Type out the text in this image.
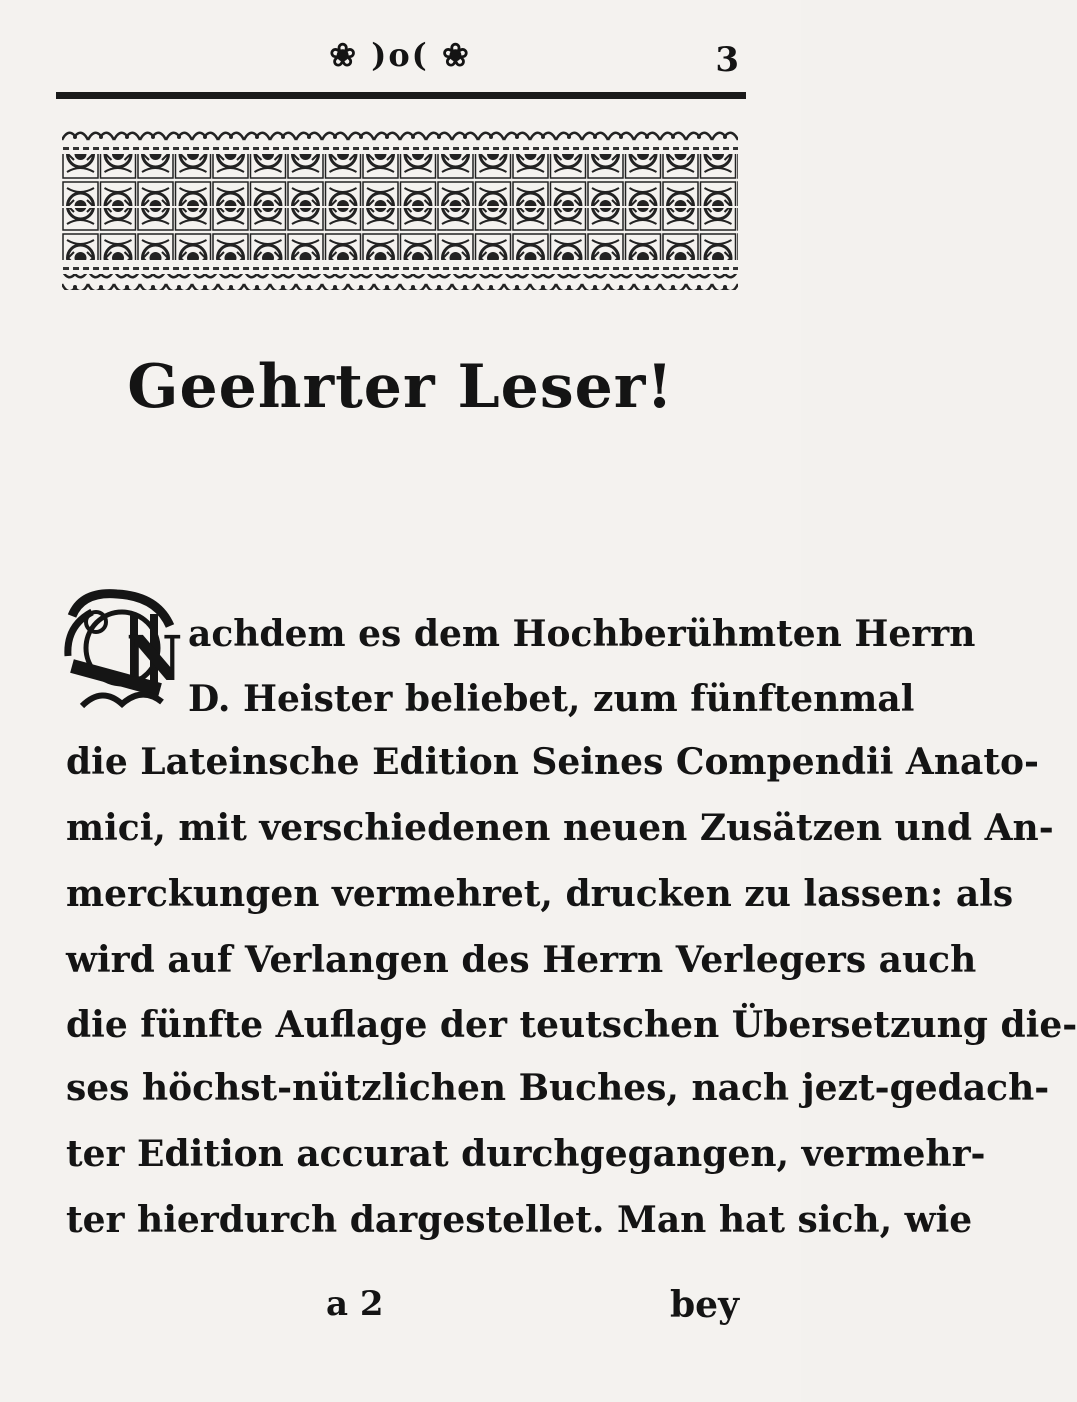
❀ )o( ❀	3
Geehrter Leser!
N achdem es dem Hochberühmten Herrn
D. Heister beliebet, zum fünftenmal
die Lateinsche Edition Seines Compendii Anato-
mici, mit verschiedenen neuen Zusätzen und An-
merckungen vermehret, drucken zu lassen: als
wird auf Verlangen des Herrn Verlegers auch
die fünfte Auflage der teutschen Übersetzung die-
ses höchst-nützlichen Buches, nach jezt-gedach-
ter Edition accurat durchgegangen, vermehr-
ter hierdurch dargestellet. Man hat sich, wie
a 2	bey
